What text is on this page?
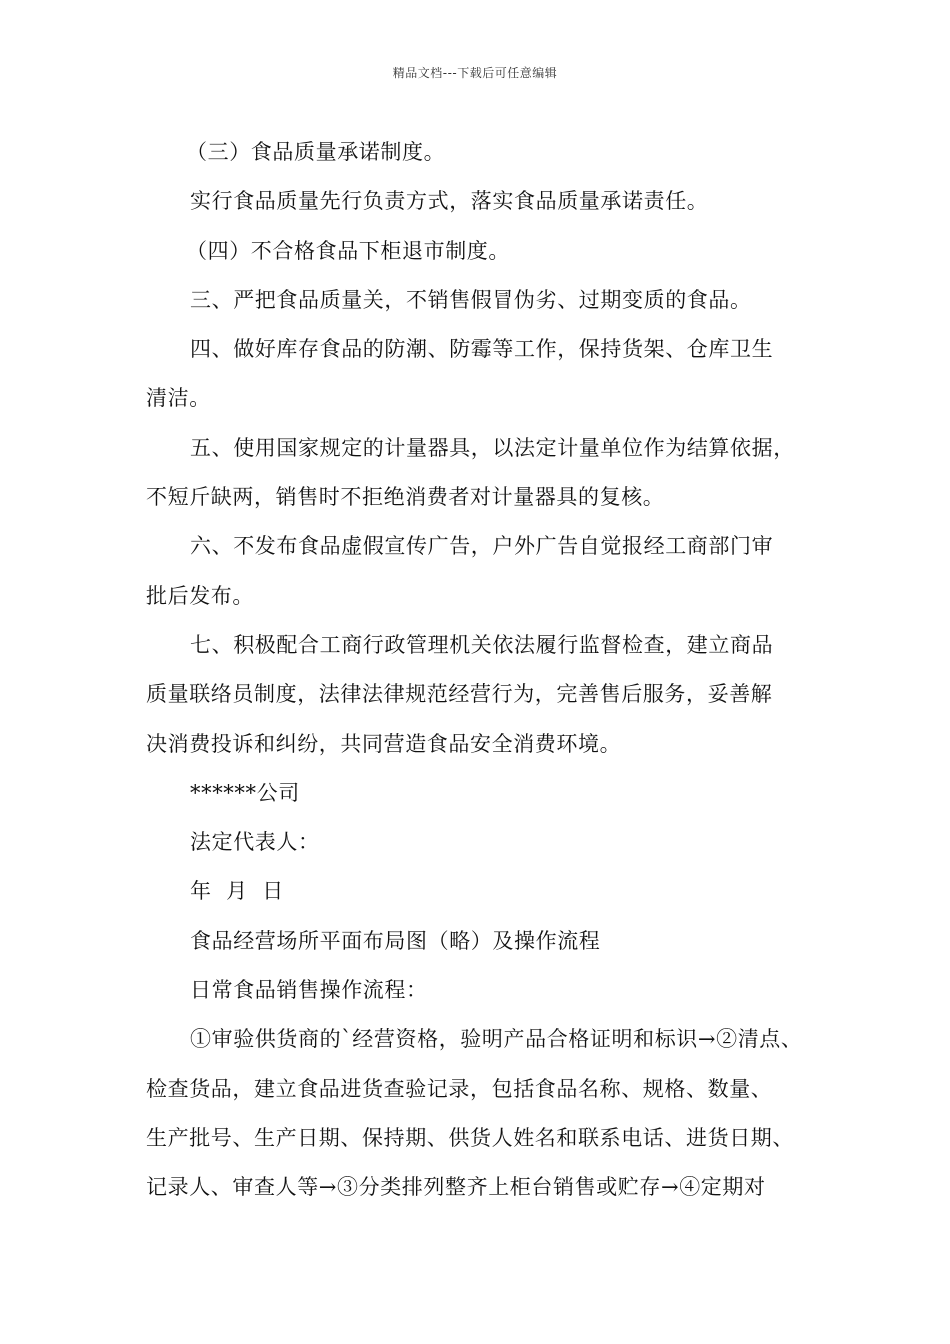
精品文档---下载后可任意编辑
（三）食品质量承诺制度。
实行食品质量先行负责方式，落实食品质量承诺责任。
（四）不合格食品下柜退市制度。
三、严把食品质量关，不销售假冒伪劣、过期变质的食品。
四、做好库存食品的防潮、防霉等工作，保持货架、仓库卫生
清洁。
五、使用国家规定的计量器具，以法定计量单位作为结算依据，
不短斤缺两，销售时不拒绝消费者对计量器具的复核。
六、不发布食品虚假宣传广告，户外广告自觉报经工商部门审
批后发布。
七、积极配合工商行政管理机关依法履行监督检查，建立商品
质量联络员制度，法律法律规范经营行为，完善售后服务，妥善解
决消费投诉和纠纷，共同营造食品安全消费环境。
******公司
法定代表人：
年  月  日
食品经营场所平面布局图（略）及操作流程
日常食品销售操作流程：
①审验供货商的`经营资格，验明产品合格证明和标识→②清点、
检查货品，建立食品进货查验记录，包括食品名称、规格、数量、
生产批号、生产日期、保持期、供货人姓名和联系电话、进货日期、
记录人、审查人等→③分类排列整齐上柜台销售或贮存→④定期对
